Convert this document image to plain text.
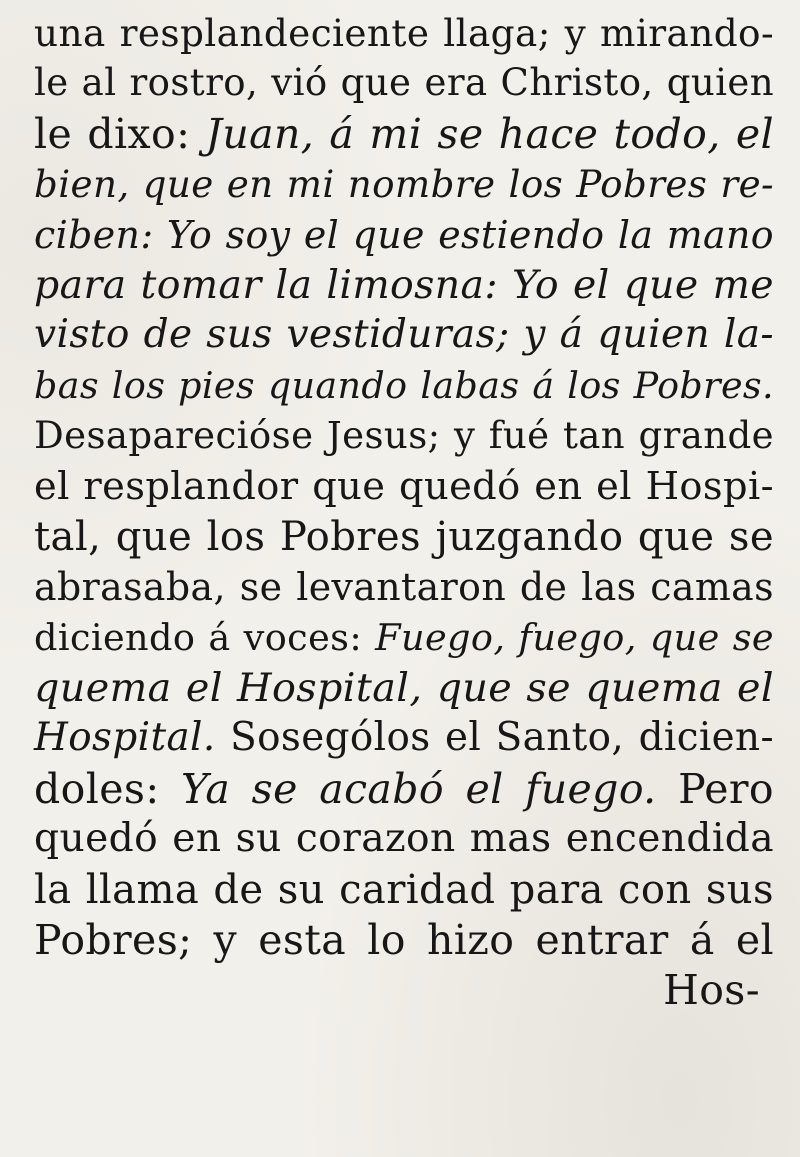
una resplandeciente llaga; y mirando-
le al rostro, vió que era Christo, quien
le dixo: Juan, á mi se hace todo, el
bien, que en mi nombre los Pobres re-
ciben: Yo soy el que estiendo la mano
para tomar la limosna: Yo el que me
visto de sus vestiduras; y á quien la-
bas los pies quando labas á los Pobres.
Desaparecióse Jesus; y fué tan grande
el resplandor que quedó en el Hospi-
tal, que los Pobres juzgando que se
abrasaba, se levantaron de las camas
diciendo á voces: Fuego, fuego, que se
quema el Hospital, que se quema el
Hospital. Sosególos el Santo, dicien-
doles: Ya se acabó el fuego. Pero
quedó en su corazon mas encendida
la llama de su caridad para con sus
Pobres; y esta lo hizo entrar á el
Hos-
